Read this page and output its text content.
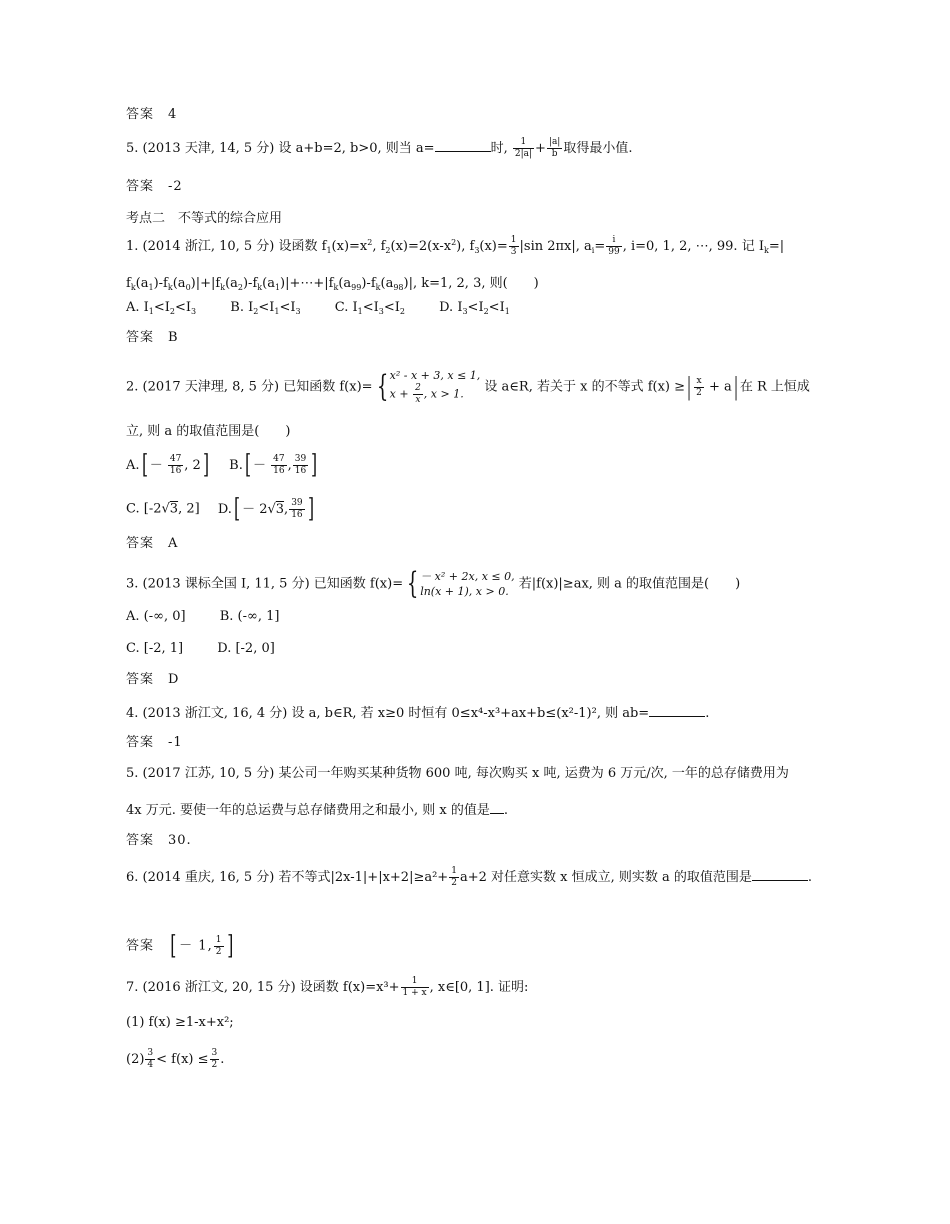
答案　4
5. (2013 天津, 14, 5 分) 设 a+b=2, b>0, 则当 a=	时, $\frac{1}{2|a|} + \frac{|a|}{b}$ 取得最小值.
答案　-2
考点二　不等式的综合应用
1. (2014 浙江, 10, 5 分) 设函数 $f_1(x)=x^2$, $f_2(x)=2(x-x^2)$, $f_3(x)= \frac{1}{3} |\sin$ 2πx|, $a_i= \frac{i}{99}$ , i=0, 1, 2, ⋯, 99. 记 $I_k=|$
$f_k(a_1)-f_k(a_0)|+|f_k(a_2)-f_k(a_1)|+\cdots+|f_k(a_{99})-f_k(a_{98})|$, k=1, 2, 3, 则(　　)
A. $I_1<I_2<I_3$	B. $I_2<I_1<I_3$	C. $I_1<I_3<I_2$	D. $I_3<I_2<I_1$
答案　B
2. (2017 天津理, 8, 5 分) 已知函数 f(x)= { x² - x + 3, x ≤ 1,
$x + \frac{2}{x}$ , x > 1.	设 a∈R, 若关于 x 的不等式 f(x) ≥| $\frac{x}{2} + a|$ 在 R 上恒成
立, 则 a 的取值范围是(　　)
$A.[ - \frac{47}{16}$ , 2] $B.[ - \frac{47}{16}$ , $\frac{39}{16}$ ]
C. [-2√3, 2] D.[ － 2√3, $\frac{39}{16}$ ]
答案　A
3. (2013 课标全国 Ⅰ, 11, 5 分) 已知函数 f(x)= { － x² + 2x, x ≤ 0,
ln(x + 1), x > 0. 若|f(x)|≥ax, 则 a 的取值范围是(　　)
A. (-∞, 0]	B. (-∞, 1]
C. [-2, 1]	D. [-2, 0]
答案　D
4. (2013 浙江文, 16, 4 分) 设 a, b∈R, 若 x≥0 时恒有 0≤x⁴-x³+ax+b≤(x²-1)², 则 ab=	.
答案　-1
5. (2017 江苏, 10, 5 分) 某公司一年购买某种货物 600 吨, 每次购买 x 吨, 运费为 6 万元/次, 一年的总存储费用为
4x 万元. 要使一年的总运费与总存储费用之和最小, 则 x 的值是 .
答案　30.
6. (2014 重庆, 16, 5 分) 若不等式$|2x-1|+|x+2|\ge a^2+ \frac{1}{2} a+2$ 对任意实数 x 恒成立, 则实数 a 的取值范围是	.
答案 [ － 1, $\frac{1}{2}$ ]
7. (2016 浙江文, 20, 15 分) 设函数 $f(x)=x^3+ \frac{1}{1 + x}$ , x∈[0, 1]. 证明:
(1) f(x) ≥1-x+x²;
$(2) \frac{3}{4} < f(x) \le \frac{3}{2}$ .
